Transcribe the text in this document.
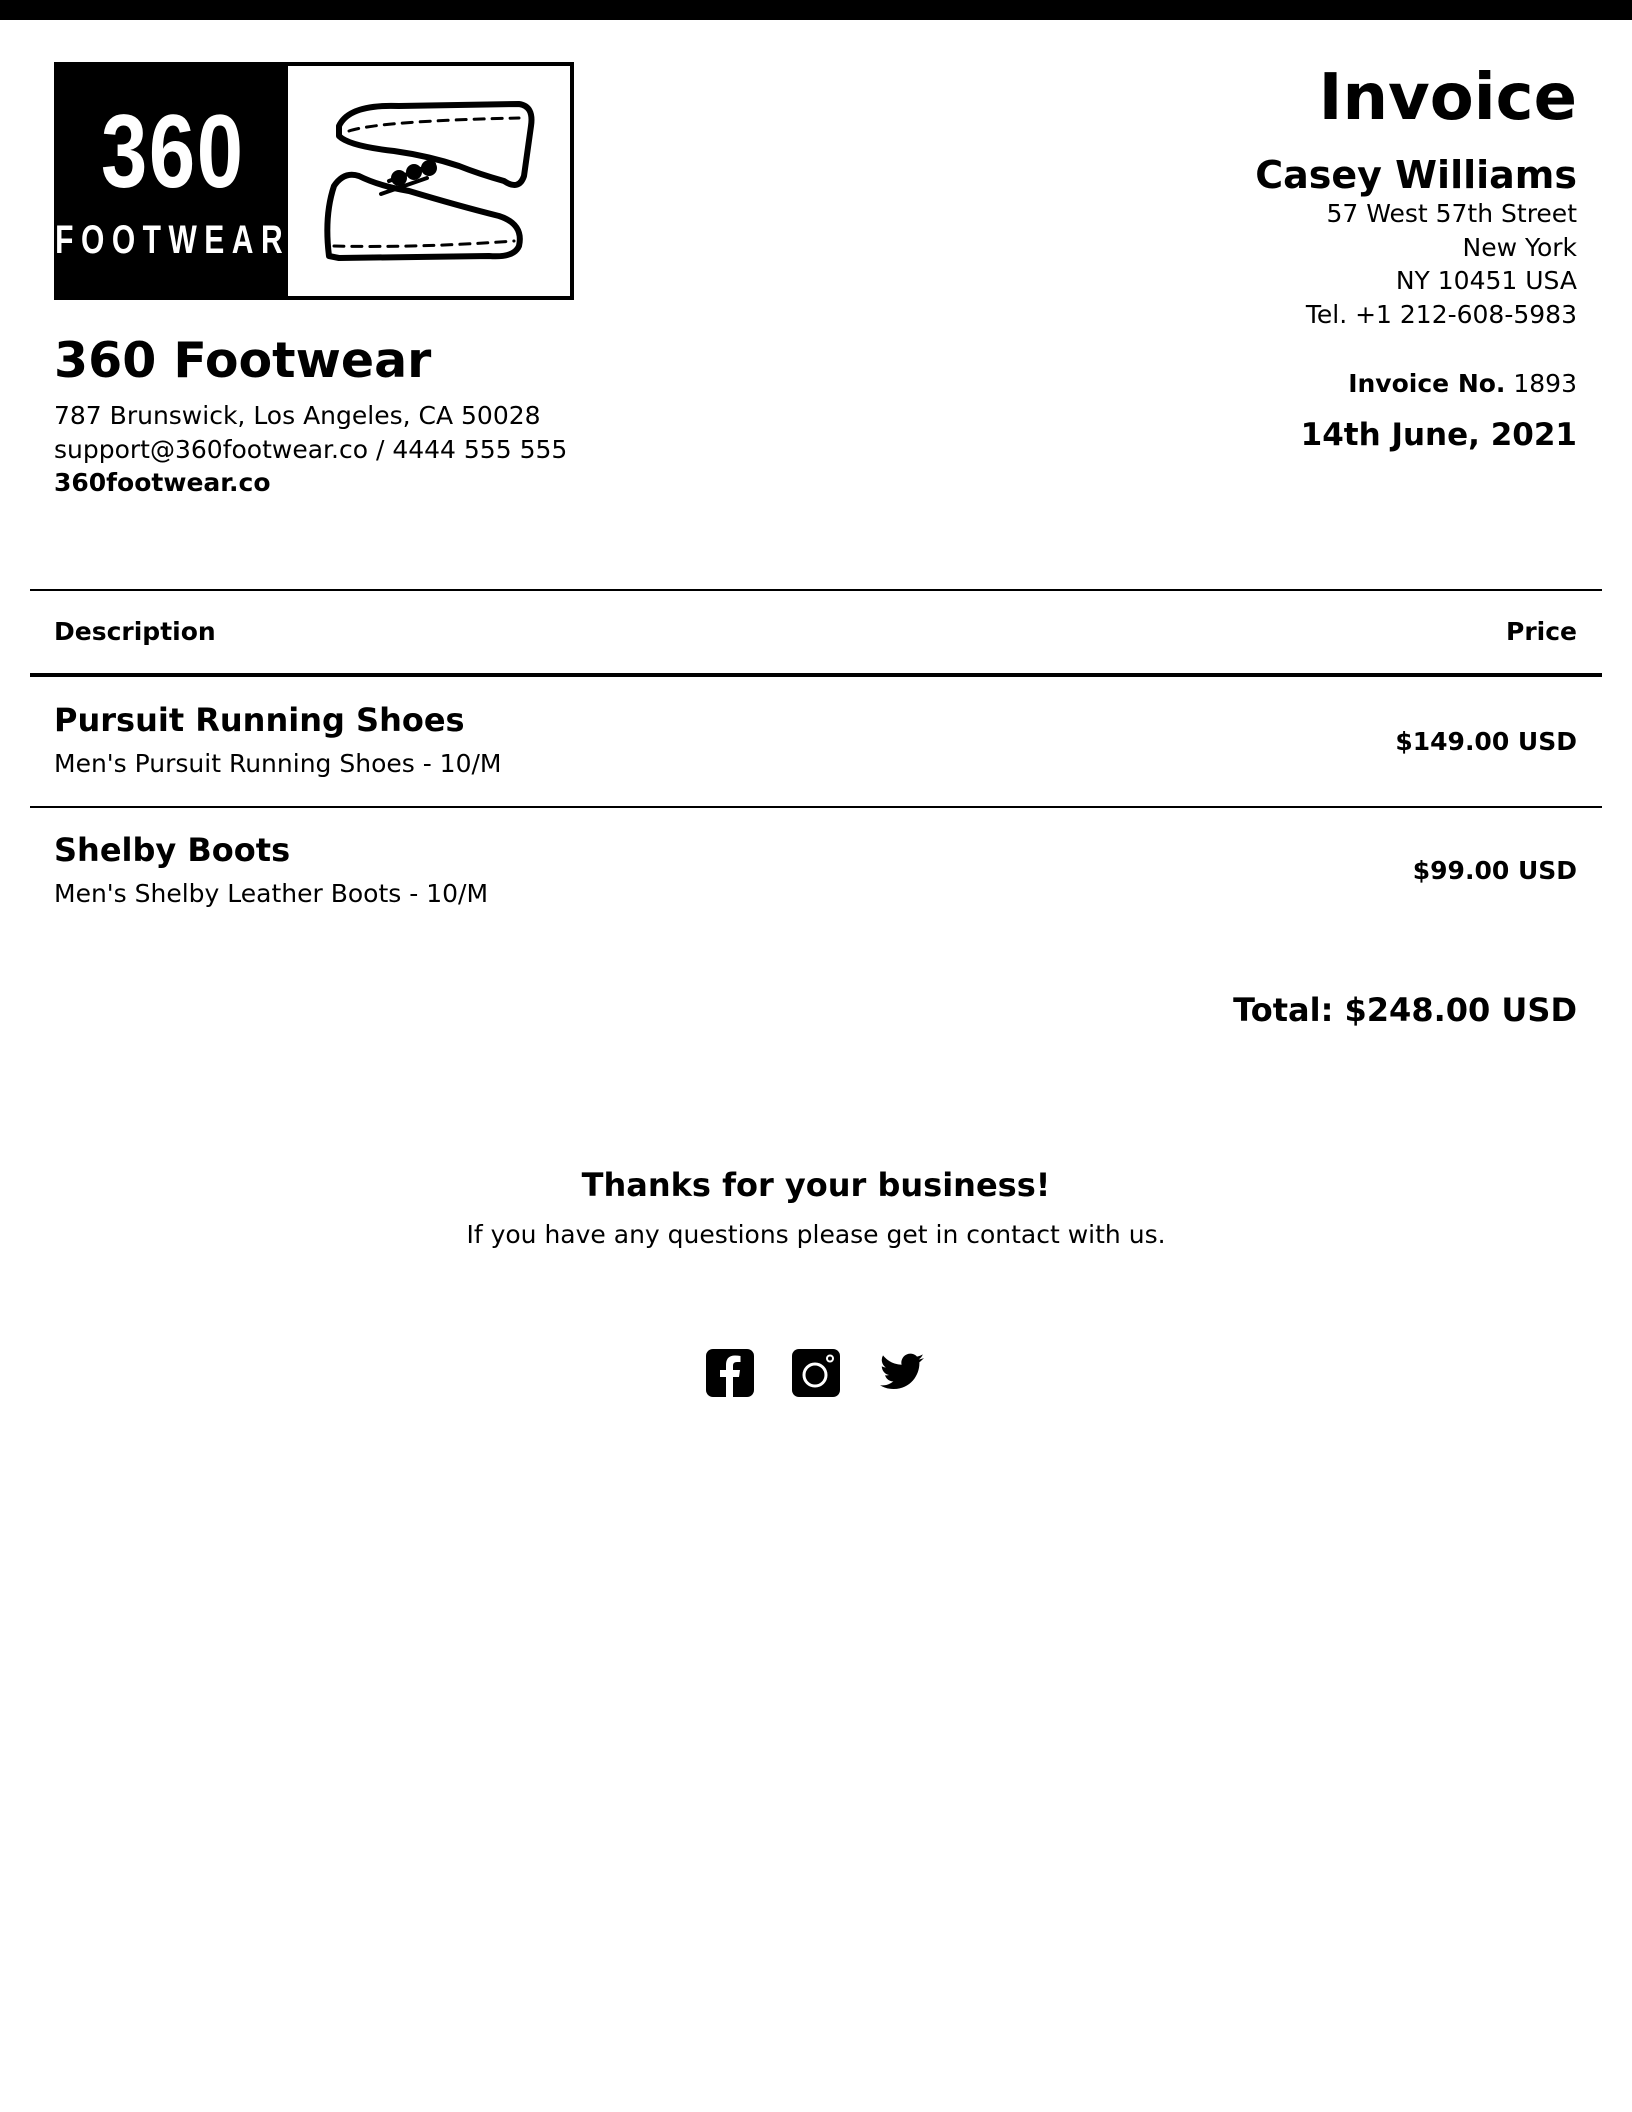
360
FOOTWEAR
Invoice
Casey Williams
57 West 57th Street
New York
NY 10451 USA
Tel. +1 212-608-5983
Invoice No. 1893
14th June, 2021
360 Footwear
787 Brunswick, Los Angeles, CA 50028
support@360footwear.co / 4444 555 555
360footwear.co
Description	Price
Pursuit Running Shoes
Men's Pursuit Running Shoes - 10/M
$149.00 USD
Shelby Boots
Men's Shelby Leather Boots - 10/M
$99.00 USD
Total: $248.00 USD
Thanks for your business!
If you have any questions please get in contact with us.
